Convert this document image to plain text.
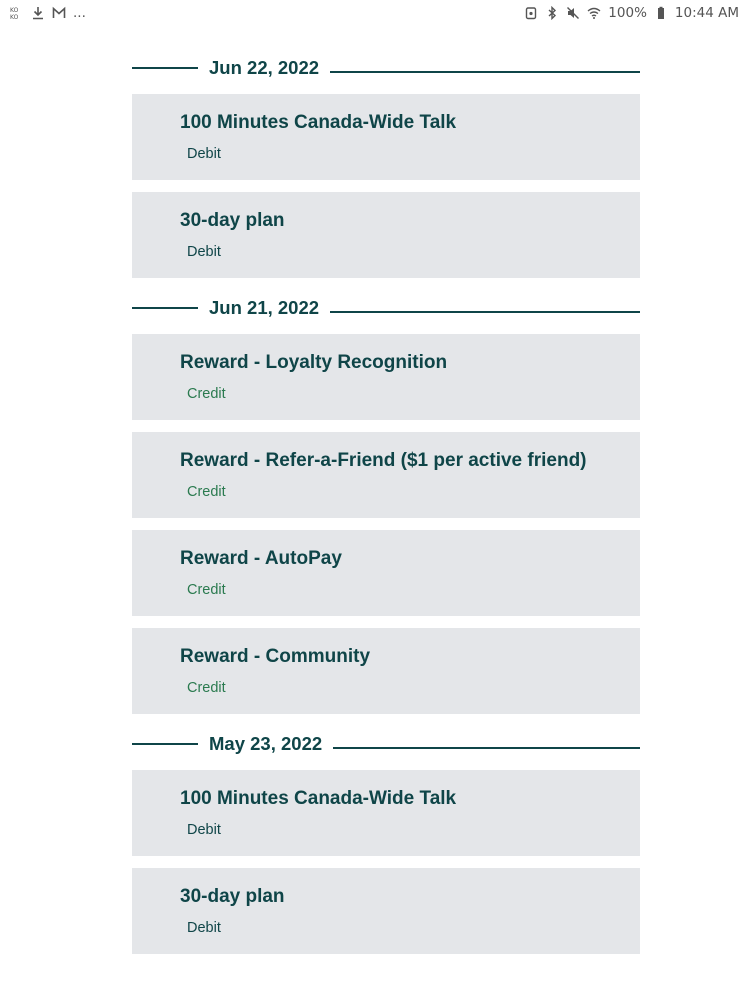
KO
KO	...	100% 10:44 AM
Jun 22, 2022
100 Minutes Canada-Wide Talk
Debit
30-day plan
Debit
Jun 21, 2022
Reward - Loyalty Recognition
Credit
Reward - Refer-a-Friend ($1 per active friend)
Credit
Reward - AutoPay
Credit
Reward - Community
Credit
May 23, 2022
100 Minutes Canada-Wide Talk
Debit
30-day plan
Debit
